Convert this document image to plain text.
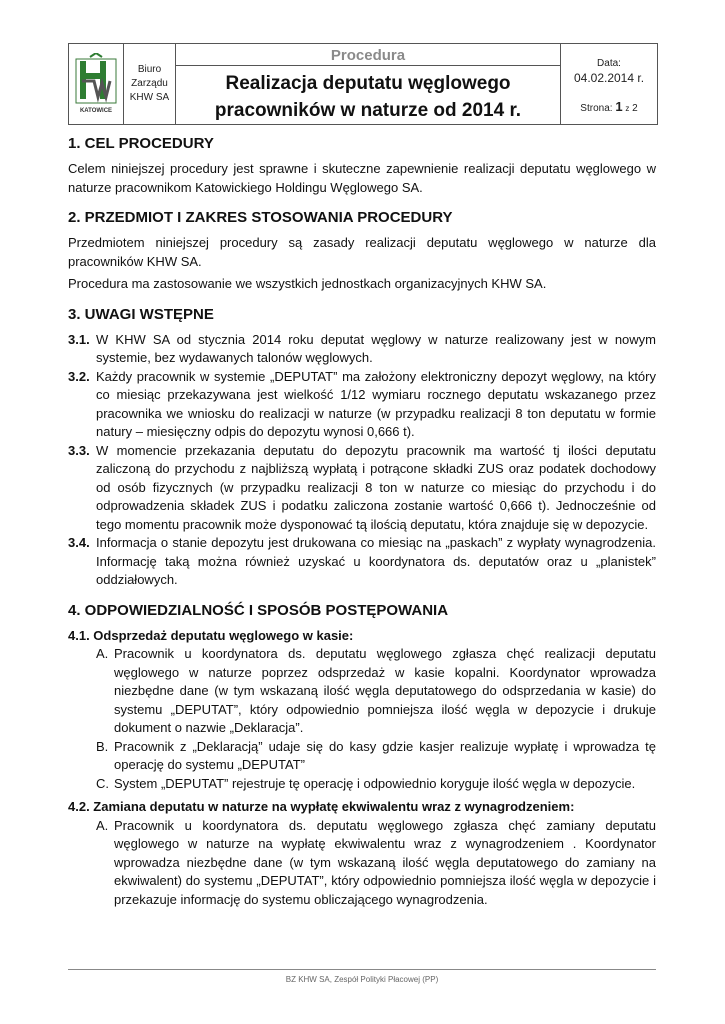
KATOWICE
Biuro
Zarządu
KHW SA
Procedura
Realizacja deputatu węglowego
pracowników w naturze od 2014 r.
Data:
04.02.2014 r.
Strona: 1 z 2
1. CEL PROCEDURY

Celem niniejszej procedury jest sprawne i skuteczne zapewnienie realizacji deputatu węglowego w naturze pracownikom Katowickiego Holdingu Węglowego SA.

2. PRZEDMIOT I ZAKRES STOSOWANIA PROCEDURY

Przedmiotem niniejszej procedury są zasady realizacji deputatu węglowego w naturze dla pracowników KHW SA.

Procedura ma zastosowanie we wszystkich jednostkach organizacyjnych KHW SA.

3. UWAGI WSTĘPNE
3.1. W KHW SA od stycznia 2014 roku deputat węglowy w naturze realizowany jest w nowym systemie, bez wydawanych talonów węglowych.
3.2. Każdy pracownik w systemie „DEPUTAT” ma założony elektroniczny depozyt węglowy, na który co miesiąc przekazywana jest wielkość 1/12 wymiaru rocznego deputatu wskazanego przez pracownika we wniosku do realizacji w naturze (w przypadku realizacji 8 ton deputatu w formie natury – miesięczny odpis do depozytu wynosi 0,666 t).
3.3. W momencie przekazania deputatu do depozytu pracownik ma wartość tj ilości deputatu zaliczoną do przychodu z najbliższą wypłatą i potrącone składki ZUS oraz podatek dochodowy od osób fizycznych (w przypadku realizacji 8 ton w naturze co miesiąc do przychodu i do odprowadzenia składek ZUS i podatku zaliczona zostanie wartość 0,666 t). Jednocześnie od tego momentu pracownik może dysponować tą ilością deputatu, która znajduje się w depozycie.
3.4. Informacja o stanie depozytu jest drukowana co miesiąc na „paskach” z wypłaty wynagrodzenia. Informację taką można również uzyskać u koordynatora ds. deputatów oraz u „planistek” oddziałowych.
4. ODPOWIEDZIALNOŚĆ I SPOSÓB POSTĘPOWANIA
4.1. Odsprzedaż deputatu węglowego w kasie:
A. Pracownik u koordynatora ds. deputatu węglowego zgłasza chęć realizacji deputatu węglowego w naturze poprzez odsprzedaż w kasie kopalni. Koordynator wprowadza niezbędne dane (w tym wskazaną ilość węgla deputatowego do odsprzedania w kasie) do systemu „DEPUTAT”, który odpowiednio pomniejsza ilość węgla w depozycie i drukuje dokument o nazwie „Deklaracja”.
B. Pracownik z „Deklaracją” udaje się do kasy gdzie kasjer realizuje wypłatę i wprowadza tę operację do systemu „DEPUTAT”
C. System „DEPUTAT” rejestruje tę operację i odpowiednio koryguje ilość węgla w depozycie.
4.2. Zamiana deputatu w naturze na wypłatę ekwiwalentu wraz z wynagrodzeniem:
A. Pracownik u koordynatora ds. deputatu węglowego zgłasza chęć zamiany deputatu węglowego w naturze na wypłatę ekwiwalentu wraz z wynagrodzeniem . Koordynator wprowadza niezbędne dane (w tym wskazaną ilość węgla deputatowego do zamiany na ekwiwalent) do systemu „DEPUTAT”, który odpowiednio pomniejsza ilość węgla w depozycie i przekazuje informację do systemu obliczającego wynagrodzenia.
BZ KHW SA, Zespół Polityki Płacowej (PP)
